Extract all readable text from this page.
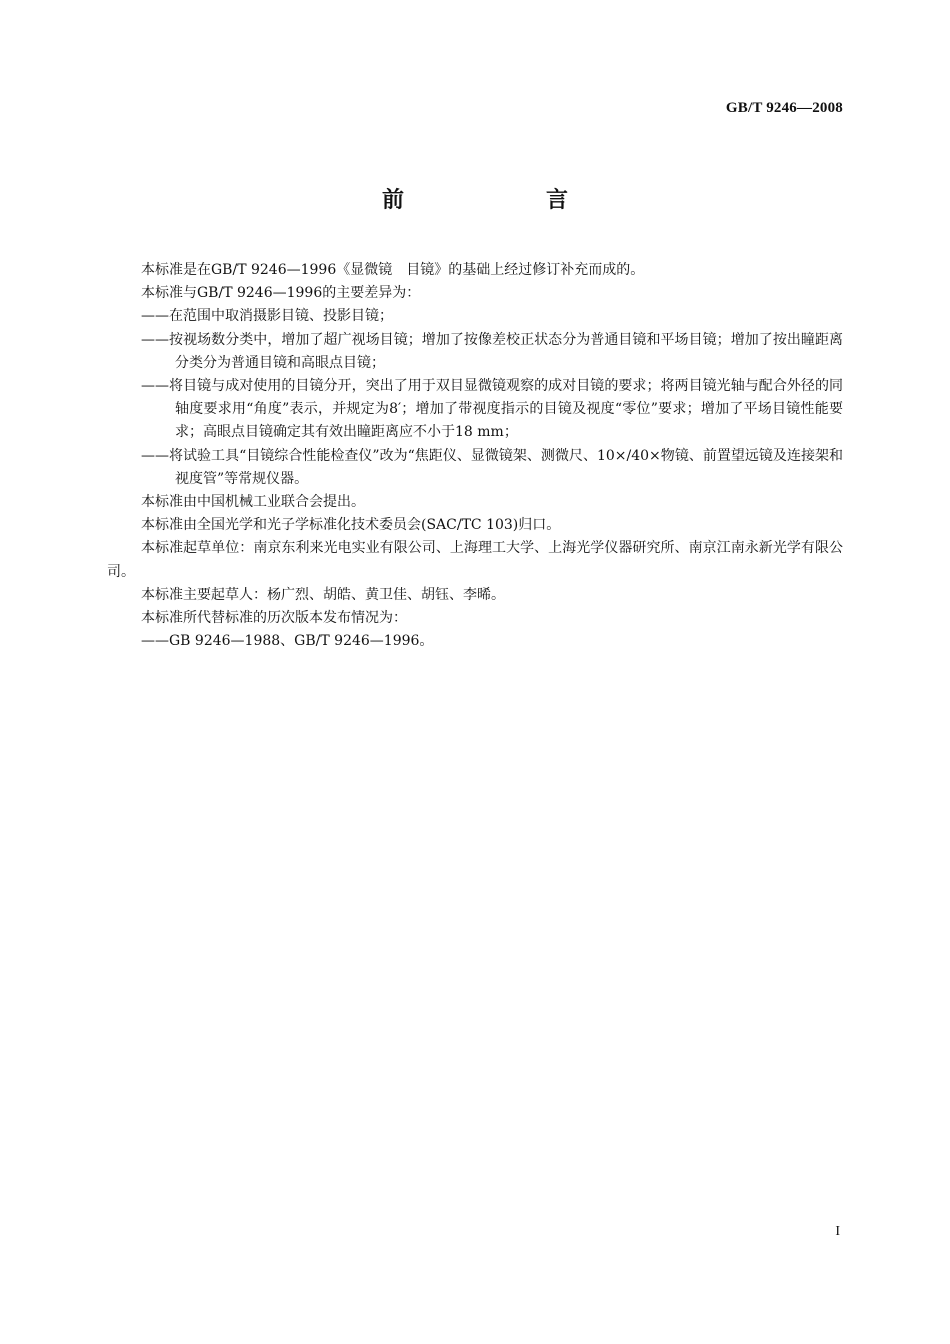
GB/T 9246—2008
前　言

本标准是在GB/T 9246—1996《显微镜　目镜》的基础上经过修订补充而成的。

本标准与GB/T 9246—1996的主要差异为：

——在范围中取消摄影目镜、投影目镜；

——按视场数分类中，增加了超广视场目镜；增加了按像差校正状态分为普通目镜和平场目镜；增加了按出瞳距离分类分为普通目镜和高眼点目镜；

——将目镜与成对使用的目镜分开，突出了用于双目显微镜观察的成对目镜的要求；将两目镜光轴与配合外径的同轴度要求用“角度”表示，并规定为8′；增加了带视度指示的目镜及视度“零位”要求；增加了平场目镜性能要求；高眼点目镜确定其有效出瞳距离应不小于18 mm；

——将试验工具“目镜综合性能检查仪”改为“焦距仪、显微镜架、测微尺、10×/40×物镜、前置望远镜及连接架和视度管”等常规仪器。

本标准由中国机械工业联合会提出。

本标准由全国光学和光子学标准化技术委员会(SAC/TC 103)归口。

本标准起草单位：南京东利来光电实业有限公司、上海理工大学、上海光学仪器研究所、南京江南永新光学有限公司。

本标准主要起草人：杨广烈、胡皓、黄卫佳、胡钰、李晞。

本标准所代替标准的历次版本发布情况为：

——GB 9246—1988、GB/T 9246—1996。

I
